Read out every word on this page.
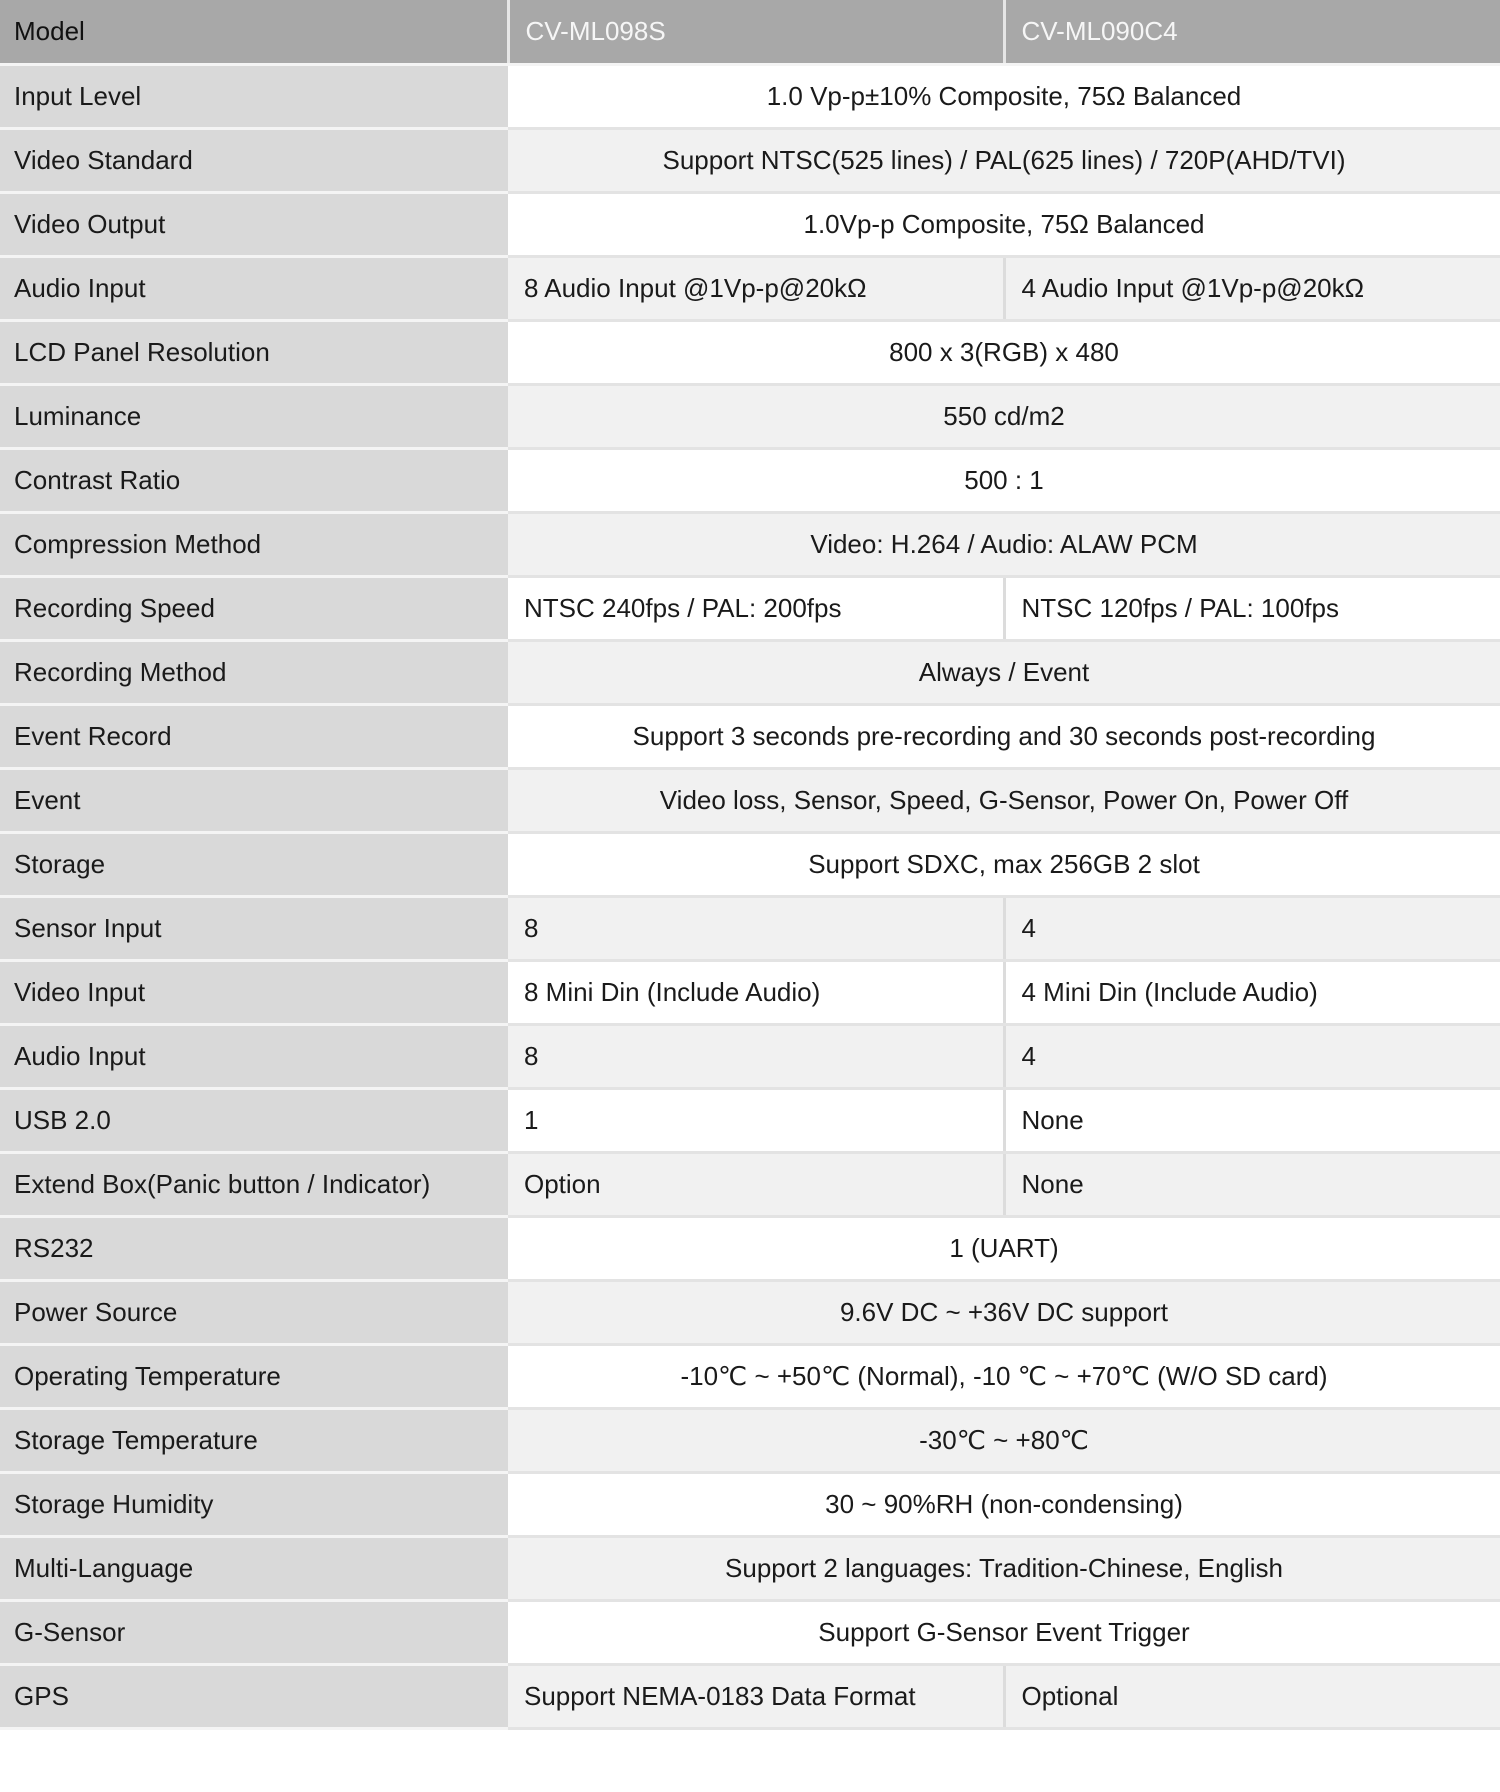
Model	CV-ML098S	CV-ML090C4
Input Level	1.0 Vp-p±10% Composite, 75Ω Balanced	
Video Standard	Support NTSC(525 lines) / PAL(625 lines) / 720P(AHD/TVI)	
Video Output	1.0Vp-p Composite, 75Ω Balanced	
Audio Input	8 Audio Input @1Vp-p@20kΩ	4 Audio Input @1Vp-p@20kΩ
LCD Panel Resolution	800 x 3(RGB) x 480	
Luminance	550 cd/m2	
Contrast Ratio	500 : 1	
Compression Method	Video: H.264 / Audio: ALAW PCM	
Recording Speed	NTSC 240fps / PAL: 200fps	NTSC 120fps / PAL: 100fps
Recording Method	Always / Event	
Event Record	Support 3 seconds pre-recording and 30 seconds post-recording	
Event	Video loss, Sensor, Speed, G-Sensor, Power On, Power Off	
Storage	Support SDXC, max 256GB 2 slot	
Sensor Input	8	4
Video Input	8 Mini Din (Include Audio)	4 Mini Din (Include Audio)
Audio Input	8	4
USB 2.0	1	None
Extend Box(Panic button / Indicator)	Option	None
RS232	1 (UART)	
Power Source	9.6V DC ~ +36V DC support	
Operating Temperature	-10℃ ~ +50℃ (Normal), -10 ℃ ~ +70℃ (W/O SD card)	
Storage Temperature	-30℃ ~ +80℃	
Storage Humidity	30 ~ 90%RH (non-condensing)	
Multi-Language	Support 2 languages: Tradition-Chinese, English	
G-Sensor	Support G-Sensor Event Trigger	
GPS	Support NEMA-0183 Data Format	Optional
